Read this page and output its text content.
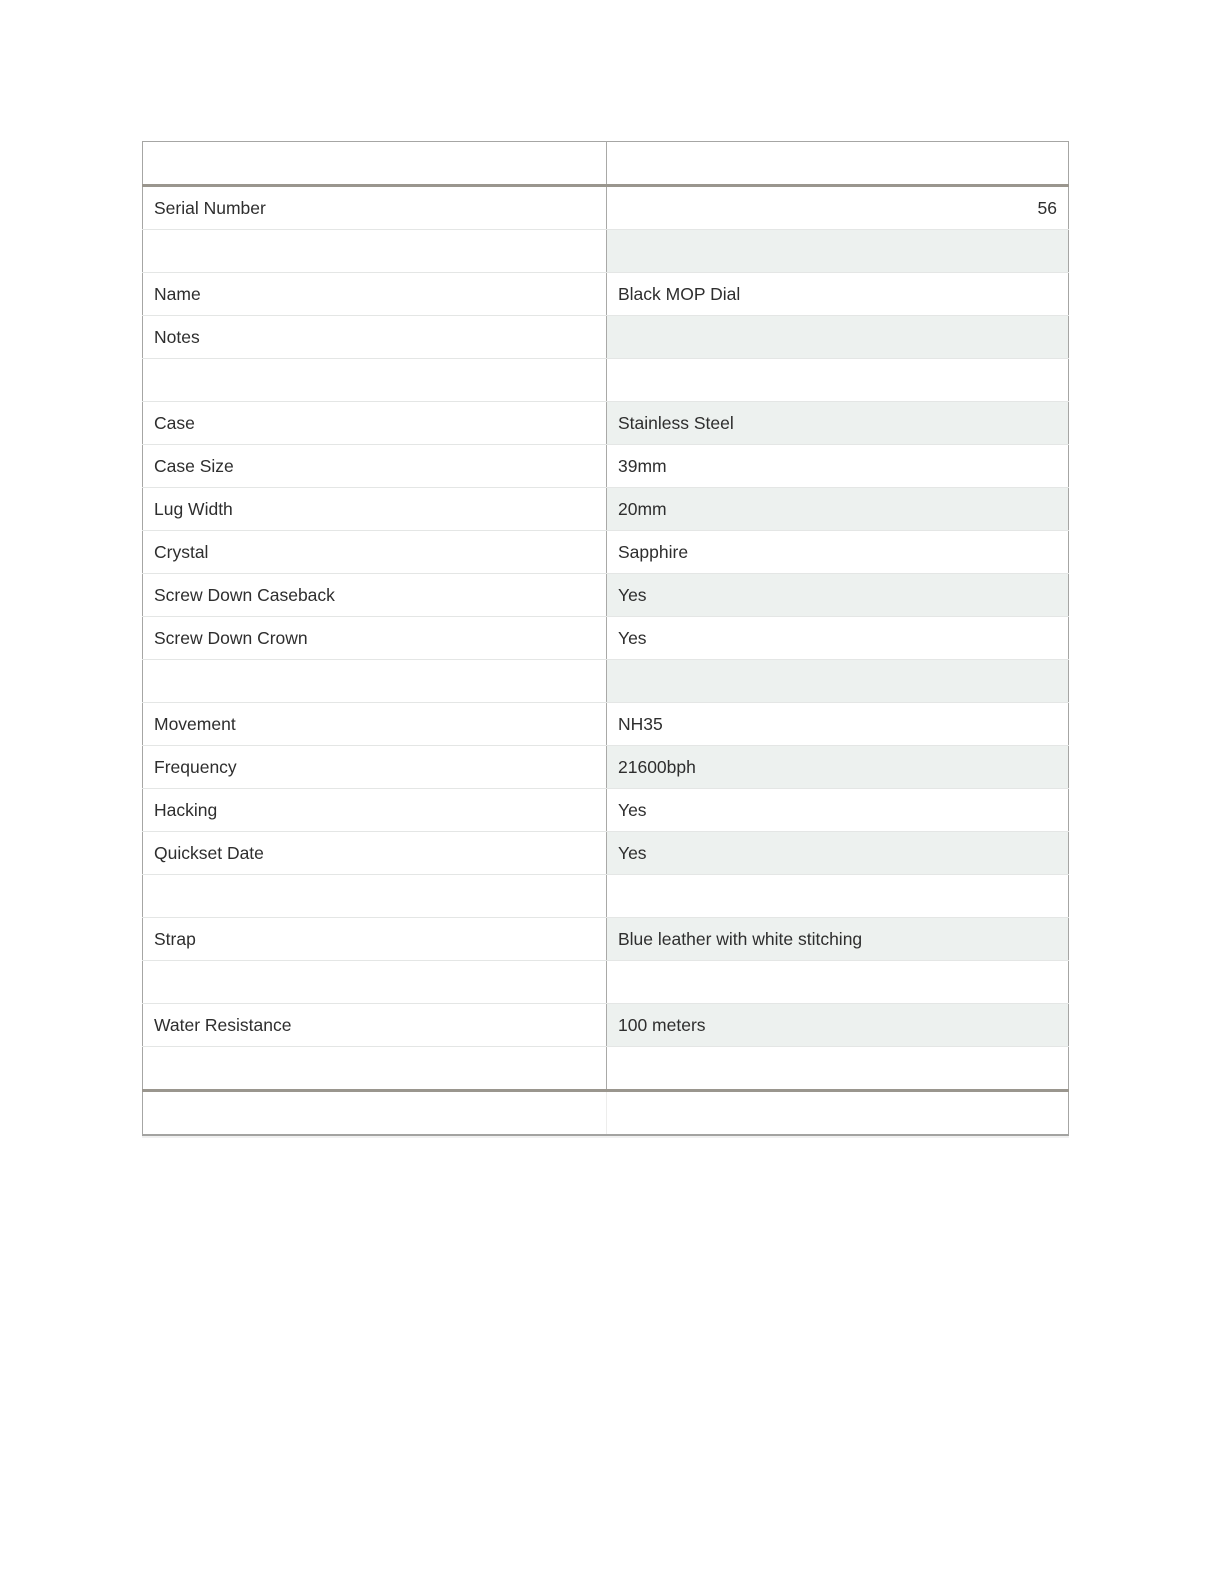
Serial Number	56

Name	Black MOP Dial
Notes	

Case	Stainless Steel
Case Size	39mm
Lug Width	20mm
Crystal	Sapphire
Screw Down Caseback	Yes
Screw Down Crown	Yes

Movement	NH35
Frequency	21600bph
Hacking	Yes
Quickset Date	Yes

Strap	Blue leather with white stitching

Water Resistance	100 meters
